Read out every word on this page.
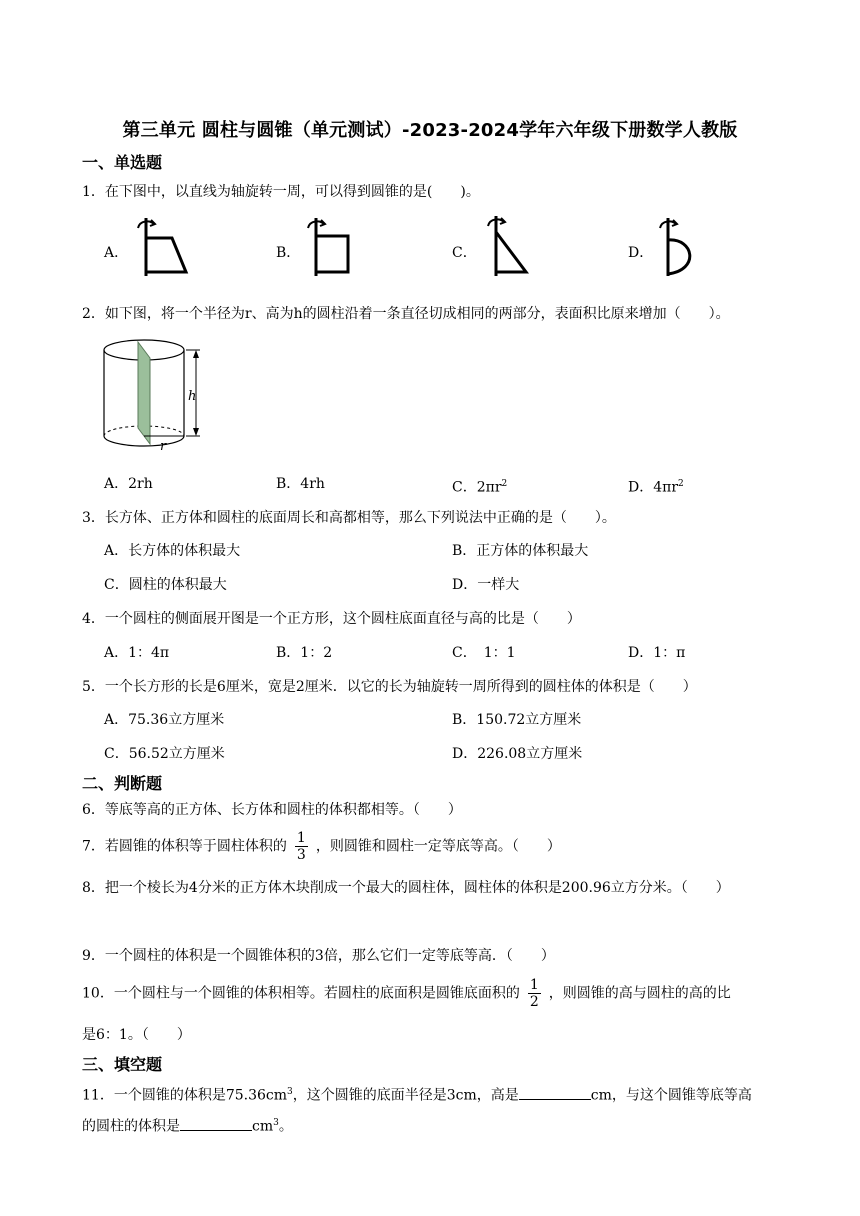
第三单元 圆柱与圆锥（单元测试）-2023-2024学年六年级下册数学人教版
一、单选题
1．在下图中，以直线为轴旋转一周，可以得到圆锥的是(　　)。
A．	B．	C．	D．
2．如下图，将一个半径为r、高为h的圆柱沿着一条直径切成相同的两部分，表面积比原来增加（　　）。
h
r
A．2rh	B．4rh	C．$2\pi r^2$	D．$4\pi r^2$
3．长方体、正方体和圆柱的底面周长和高都相等，那么下列说法中正确的是（　　）。
A．长方体的体积最大	B．正方体的体积最大
C．圆柱的体积最大	D．一样大
4．一个圆柱的侧面展开图是一个正方形，这个圆柱底面直径与高的比是（　　）
A．1：4π	B．1：2	C．　1：1	D．1：π
5．一个长方形的长是6厘米，宽是2厘米．以它的长为轴旋转一周所得到的圆柱体的体积是（　　）
A．75.36立方厘米	B．150.72立方厘米
C．56.52立方厘米	D．226.08立方厘米
二、判断题
6．等底等高的正方体、长方体和圆柱的体积都相等。（　　）
7．若圆锥的体积等于圆柱体积的 $\frac{1}{3}$ ，则圆锥和圆柱一定等底等高。（　　）
8．把一个棱长为4分米的正方体木块削成一个最大的圆柱体，圆柱体的体积是200.96立方分米。（　　）
9．一个圆柱的体积是一个圆锥体积的3倍，那么它们一定等底等高．（　　）
10．一个圆柱与一个圆锥的体积相等。若圆柱的底面积是圆锥底面积的 $\frac{1}{2}$ ，则圆锥的高与圆柱的高的比
是6：1。（　　）
三、填空题
11．一个圆锥的体积是$75.36cm^3$，这个圆锥的底面半径是3cm，高是	cm，与这个圆锥等底等高
的圆柱的体积是	$cm^3$。
